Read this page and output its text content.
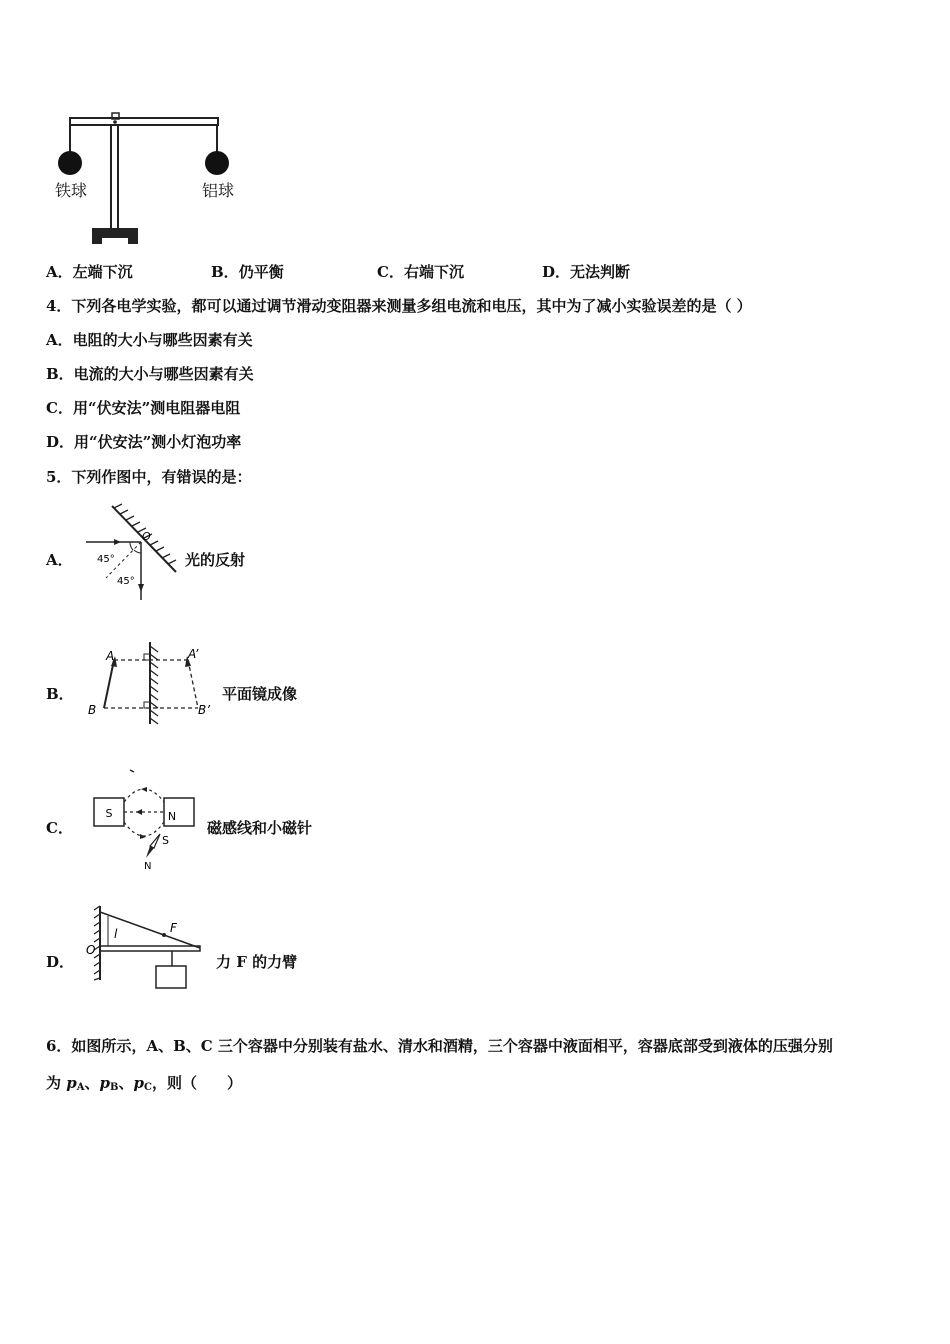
铁球	铝球
A．左端下沉	B．仍平衡	C．右端下沉	D．无法判断
4．下列各电学实验，都可以通过调节滑动变阻器来测量多组电流和电压，其中为了减小实验误差的是（ ）
A．电阻的大小与哪些因素有关
B．电流的大小与哪些因素有关
C．用“伏安法”测电阻器电阻
D．用“伏安法”测小灯泡功率
5．下列作图中，有错误的是：
A．
O
45°
45°
光的反射
B．
A	A’
B	B’
平面镜成像
C．
S	N
S
N
磁感线和小磁针
D．
O
F
l
力 F 的力臂
6．如图所示，A、B、C 三个容器中分别装有盐水、清水和酒精，三个容器中液面相平，容器底部受到液体的压强分别
为 $p_A$、$p_B$、$p_C$，则（　　）
